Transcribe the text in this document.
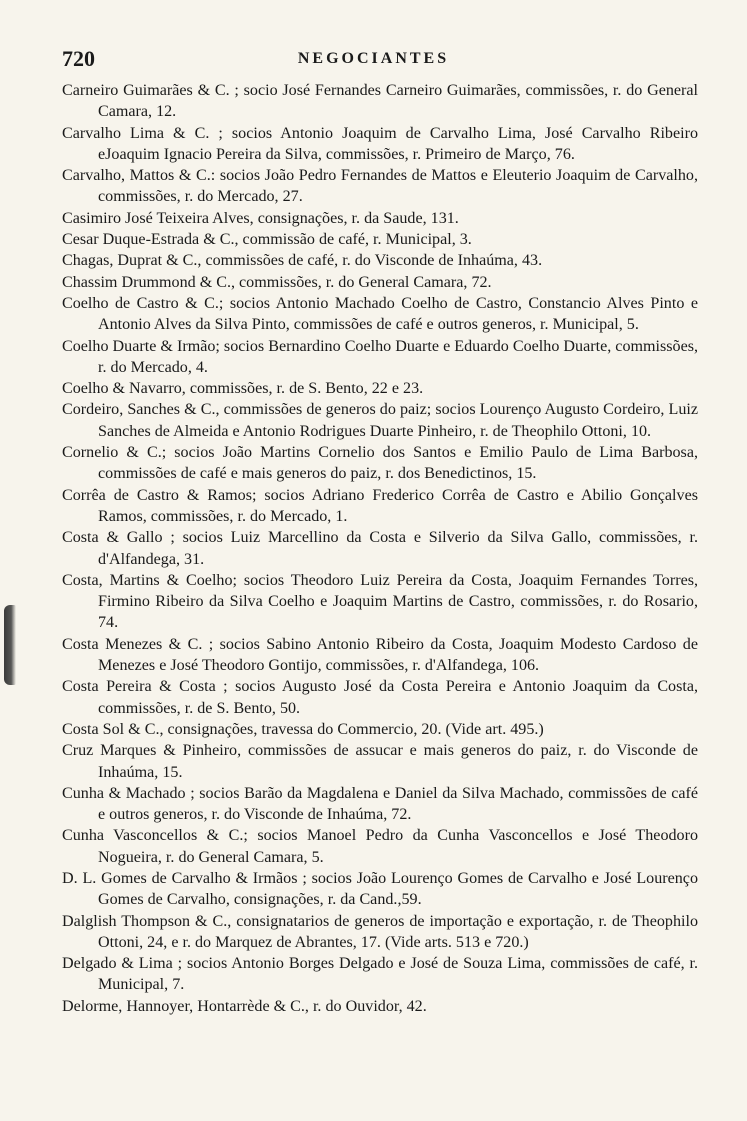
720	NEGOCIANTES

Carneiro Guimarães & C. ; socio José Fernandes Carneiro Guimarães, commissões, r. do General Camara, 12.

Carvalho Lima & C. ; socios Antonio Joaquim de Carvalho Lima, José Carvalho Ribeiro eJoaquim Ignacio Pereira da Silva, commissões, r. Primeiro de Março, 76.

Carvalho, Mattos & C.: socios João Pedro Fernandes de Mattos e Eleuterio Joaquim de Carvalho, commissões, r. do Mercado, 27.

Casimiro José Teixeira Alves, consignações, r. da Saude, 131.

Cesar Duque-Estrada & C., commissão de café, r. Municipal, 3.

Chagas, Duprat & C., commissões de café, r. do Visconde de Inhaúma, 43.

Chassim Drummond & C., commissões, r. do General Camara, 72.

Coelho de Castro & C.; socios Antonio Machado Coelho de Castro, Constancio Alves Pinto e Antonio Alves da Silva Pinto, commissões de café e outros generos, r. Municipal, 5.

Coelho Duarte & Irmão; socios Bernardino Coelho Duarte e Eduardo Coelho Duarte, commissões, r. do Mercado, 4.

Coelho & Navarro, commissões, r. de S. Bento, 22 e 23.

Cordeiro, Sanches & C., commissões de generos do paiz; socios Lourenço Augusto Cordeiro, Luiz Sanches de Almeida e Antonio Rodrigues Duarte Pinheiro, r. de Theophilo Ottoni, 10.

Cornelio & C.; socios João Martins Cornelio dos Santos e Emilio Paulo de Lima Barbosa, commissões de café e mais generos do paiz, r. dos Benedictinos, 15.

Corrêa de Castro & Ramos; socios Adriano Frederico Corrêa de Castro e Abilio Gonçalves Ramos, commissões, r. do Mercado, 1.

Costa & Gallo ; socios Luiz Marcellino da Costa e Silverio da Silva Gallo, commissões, r. d'Alfandega, 31.

Costa, Martins & Coelho; socios Theodoro Luiz Pereira da Costa, Joaquim Fernandes Torres, Firmino Ribeiro da Silva Coelho e Joaquim Martins de Castro, commissões, r. do Rosario, 74.

Costa Menezes & C. ; socios Sabino Antonio Ribeiro da Costa, Joaquim Modesto Cardoso de Menezes e José Theodoro Gontijo, commissões, r. d'Alfandega, 106.

Costa Pereira & Costa ; socios Augusto José da Costa Pereira e Antonio Joaquim da Costa, commissões, r. de S. Bento, 50.

Costa Sol & C., consignações, travessa do Commercio, 20. (Vide art. 495.)

Cruz Marques & Pinheiro, commissões de assucar e mais generos do paiz, r. do Visconde de Inhaúma, 15.

Cunha & Machado ; socios Barão da Magdalena e Daniel da Silva Machado, commissões de café e outros generos, r. do Visconde de Inhaúma, 72.

Cunha Vasconcellos & C.; socios Manoel Pedro da Cunha Vasconcellos e José Theodoro Nogueira, r. do General Camara, 5.

D. L. Gomes de Carvalho & Irmãos ; socios João Lourenço Gomes de Carvalho e José Lourenço Gomes de Carvalho, consignações, r. da Cand.,59.

Dalglish Thompson & C., consignatarios de generos de importação e exportação, r. de Theophilo Ottoni, 24, e r. do Marquez de Abrantes, 17. (Vide arts. 513 e 720.)

Delgado & Lima ; socios Antonio Borges Delgado e José de Souza Lima, commissões de café, r. Municipal, 7.

Delorme, Hannoyer, Hontarrède & C., r. do Ouvidor, 42.
